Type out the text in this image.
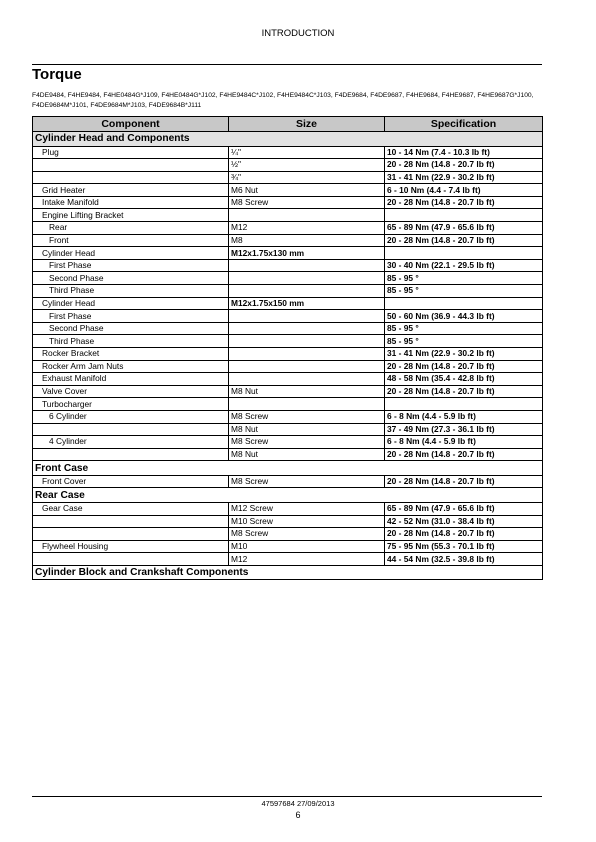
INTRODUCTION
Torque
F4DE9484, F4HE9484, F4HE0484G*J109, F4HE0484G*J102, F4HE9484C*J102, F4HE9484C*J103, F4DE9684, F4DE9687, F4HE9684, F4HE9687, F4HE9687G*J100, F4DE9684M*J101, F4DE9684M*J103, F4DE9684B*J111
Component	Size	Specification
Cylinder Head and Components		
Plug	¼"	10 - 14 Nm (7.4 - 10.3 lb ft)
	½"	20 - 28 Nm (14.8 - 20.7 lb ft)
	¾"	31 - 41 Nm (22.9 - 30.2 lb ft)
Grid Heater	M6 Nut	6 - 10 Nm (4.4 - 7.4 lb ft)
Intake Manifold	M8 Screw	20 - 28 Nm (14.8 - 20.7 lb ft)
Engine Lifting Bracket		
Rear	M12	65 - 89 Nm (47.9 - 65.6 lb ft)
Front	M8	20 - 28 Nm (14.8 - 20.7 lb ft)
Cylinder Head	M12x1.75x130 mm	
First Phase		30 - 40 Nm (22.1 - 29.5 lb ft)
Second Phase		85 - 95 °
Third Phase		85 - 95 °
Cylinder Head	M12x1.75x150 mm	
First Phase		50 - 60 Nm (36.9 - 44.3 lb ft)
Second Phase		85 - 95 °
Third Phase		85 - 95 °
Rocker Bracket		31 - 41 Nm (22.9 - 30.2 lb ft)
Rocker Arm Jam Nuts		20 - 28 Nm (14.8 - 20.7 lb ft)
Exhaust Manifold		48 - 58 Nm (35.4 - 42.8 lb ft)
Valve Cover	M8 Nut	20 - 28 Nm (14.8 - 20.7 lb ft)
Turbocharger		
6 Cylinder	M8 Screw	6 - 8 Nm (4.4 - 5.9 lb ft)
	M8 Nut	37 - 49 Nm (27.3 - 36.1 lb ft)
4 Cylinder	M8 Screw	6 - 8 Nm (4.4 - 5.9 lb ft)
	M8 Nut	20 - 28 Nm (14.8 - 20.7 lb ft)
Front Case		
Front Cover	M8 Screw	20 - 28 Nm (14.8 - 20.7 lb ft)
Rear Case		
Gear Case	M12 Screw	65 - 89 Nm (47.9 - 65.6 lb ft)
	M10 Screw	42 - 52 Nm (31.0 - 38.4 lb ft)
	M8 Screw	20 - 28 Nm (14.8 - 20.7 lb ft)
Flywheel Housing	M10	75 - 95 Nm (55.3 - 70.1 lb ft)
	M12	44 - 54 Nm (32.5 - 39.8 lb ft)
Cylinder Block and Crankshaft Components		
47597684 27/09/2013
6
